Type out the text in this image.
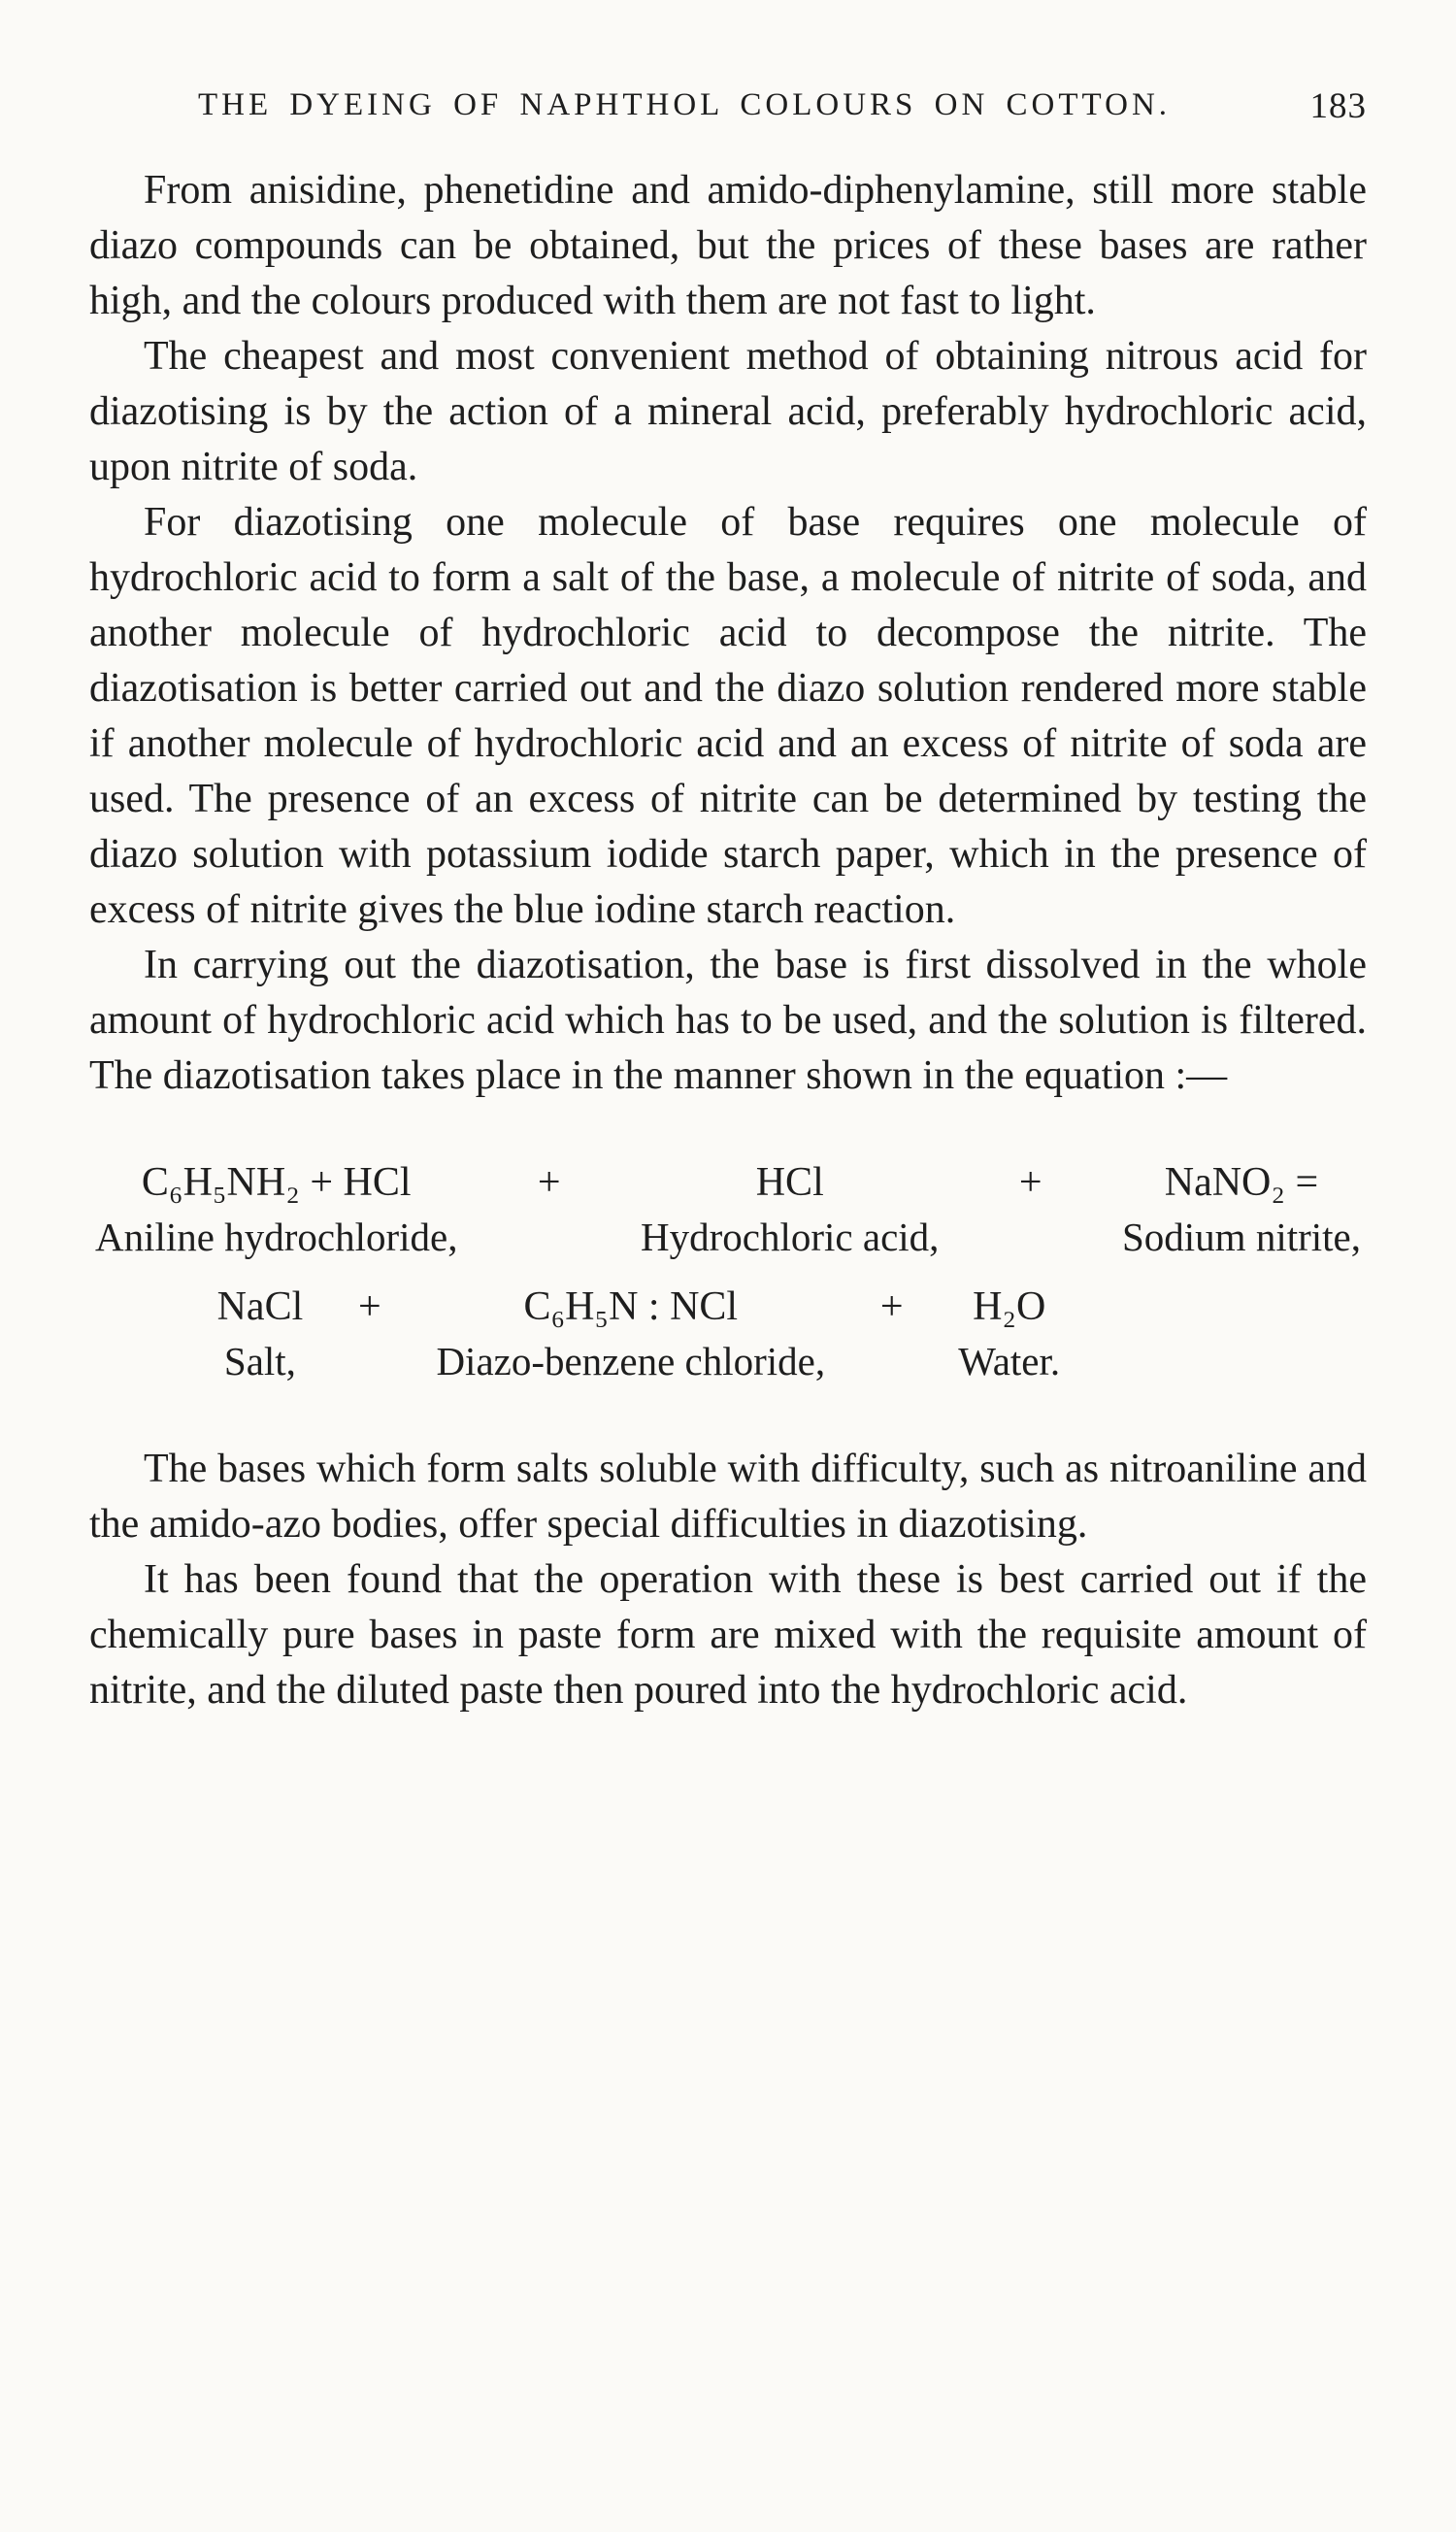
THE DYEING OF NAPHTHOL COLOURS ON COTTON.	183

From anisidine, phenetidine and amido-diphenylamine, still more stable diazo compounds can be obtained, but the prices of these bases are rather high, and the colours produced with them are not fast to light.

The cheapest and most convenient method of obtaining nitrous acid for diazotising is by the action of a mineral acid, preferably hydrochloric acid, upon nitrite of soda.

For diazotising one molecule of base requires one molecule of hydrochloric acid to form a salt of the base, a molecule of nitrite of soda, and another molecule of hydrochloric acid to decompose the nitrite. The diazotisation is better carried out and the diazo solution rendered more stable if another molecule of hydrochloric acid and an excess of nitrite of soda are used. The presence of an excess of nitrite can be determined by testing the diazo solution with potassium iodide starch paper, which in the presence of excess of nitrite gives the blue iodine starch reaction.

In carrying out the diazotisation, the base is first dissolved in the whole amount of hydrochloric acid which has to be used, and the solution is filtered. The diazotisation takes place in the manner shown in the equation :—

C₆H₅NH₂ + HCl
Aniline hydrochloride,
+	HCl
Hydrochloric acid,
+	NaNO₂ =
Sodium nitrite,
NaCl
Salt,
+	C₆H₅N : NCl
Diazo-benzene chloride,
+ H₂O
Water.

The bases which form salts soluble with difficulty, such as nitroaniline and the amido-azo bodies, offer special difficulties in diazotising.

It has been found that the operation with these is best carried out if the chemically pure bases in paste form are mixed with the requisite amount of nitrite, and the diluted paste then poured into the hydrochloric acid.
